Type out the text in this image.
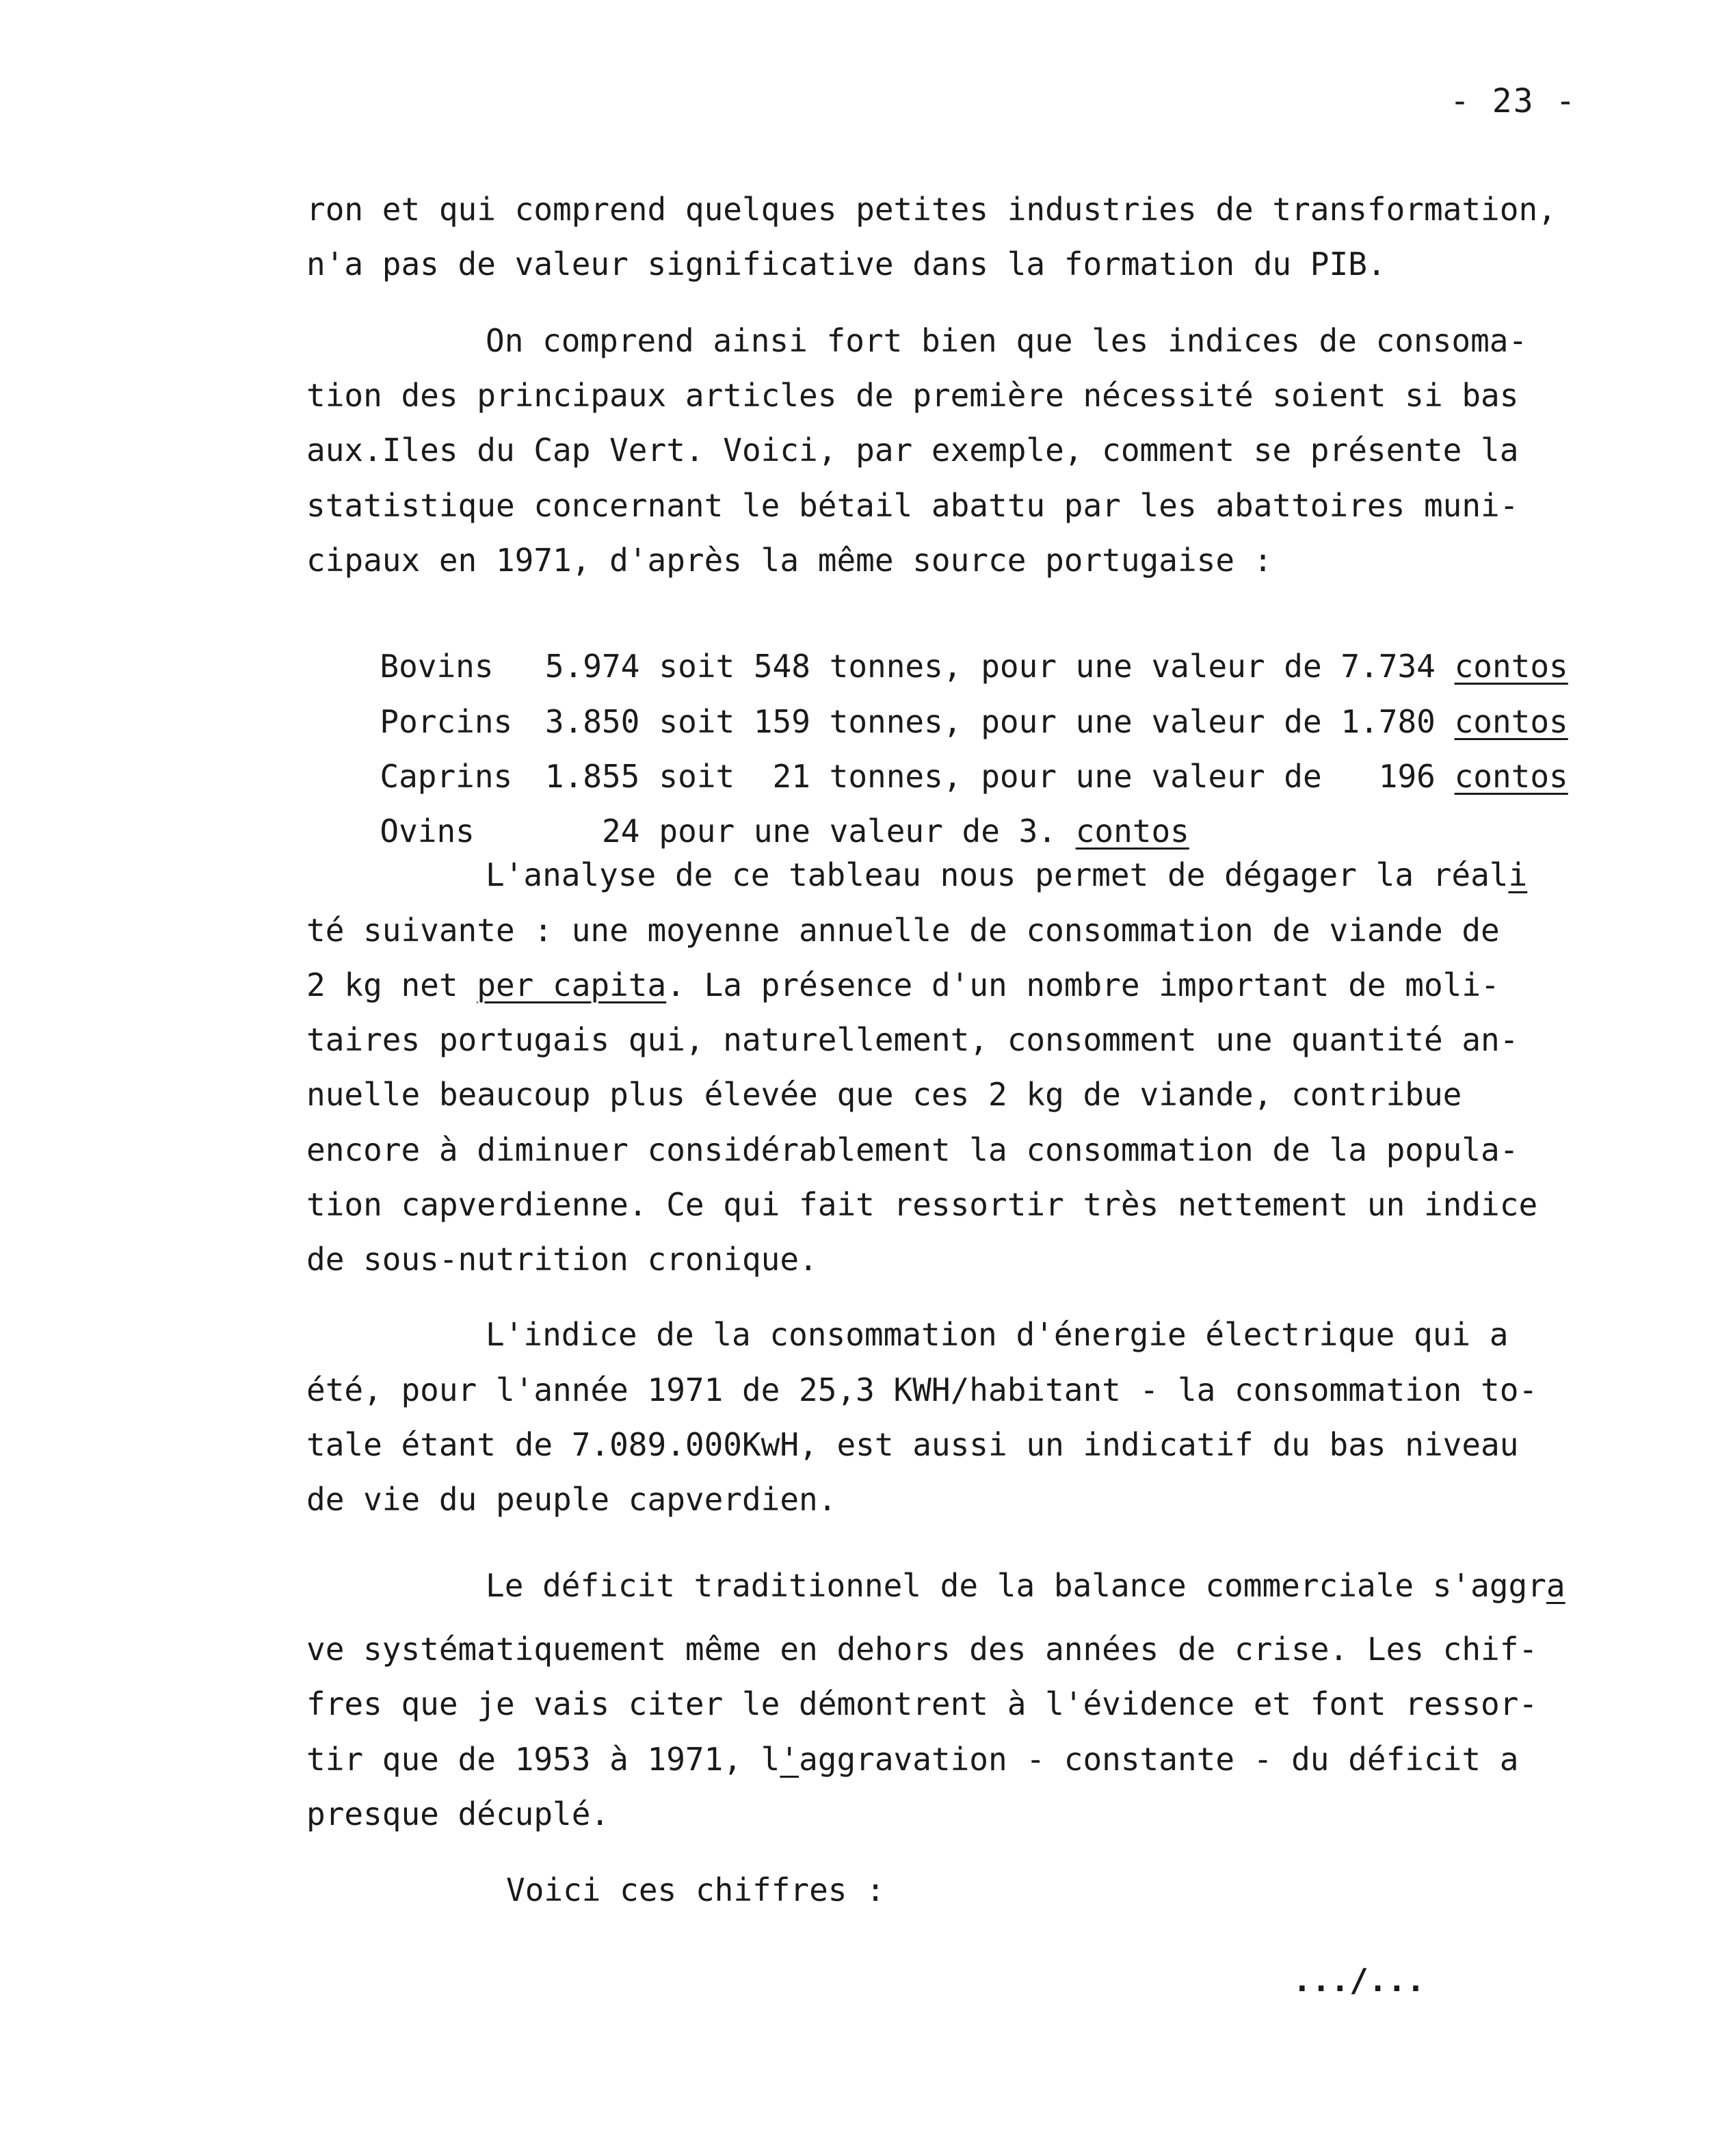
- 23 -
ron et qui comprend quelques petites industries de transformation,
n'a pas de valeur significative dans la formation du PIB.
On comprend ainsi fort bien que les indices de consoma-
tion des principaux articles de première nécessité soient si bas
aux.Iles du Cap Vert. Voici, par exemple, comment se présente la
statistique concernant le bétail abattu par les abattoires muni-
cipaux en 1971, d'après la même source portugaise :

Bovins 5.974 soit 548 tonnes, pour une valeur de 7.734 contos

Porcins 3.850 soit 159 tonnes, pour une valeur de 1.780 contos

Caprins 1.855 soit  21 tonnes, pour une valeur de   196 contos

Ovins	24 pour une valeur de 3. contos

L'analyse de ce tableau nous permet de dégager la réali
té suivante : une moyenne annuelle de consommation de viande de
2 kg net per capita. La présence d'un nombre important de moli-
taires portugais qui, naturellement, consomment une quantité an-
nuelle beaucoup plus élevée que ces 2 kg de viande, contribue
encore à diminuer considérablement la consommation de la popula-
tion capverdienne. Ce qui fait ressortir très nettement un indice
de sous-nutrition cronique.
L'indice de la consommation d'énergie électrique qui a
été, pour l'année 1971 de 25,3 KWH/habitant - la consommation to-
tale étant de 7.089.000KwH, est aussi un indicatif du bas niveau
de vie du peuple capverdien.
Le déficit traditionnel de la balance commerciale s'aggra
ve systématiquement même en dehors des années de crise. Les chif-
fres que je vais citer le démontrent à l'évidence et font ressor-
tir que de 1953 à 1971, l'aggravation - constante - du déficit a
presque décuplé.
Voici ces chiffres :
.../...
